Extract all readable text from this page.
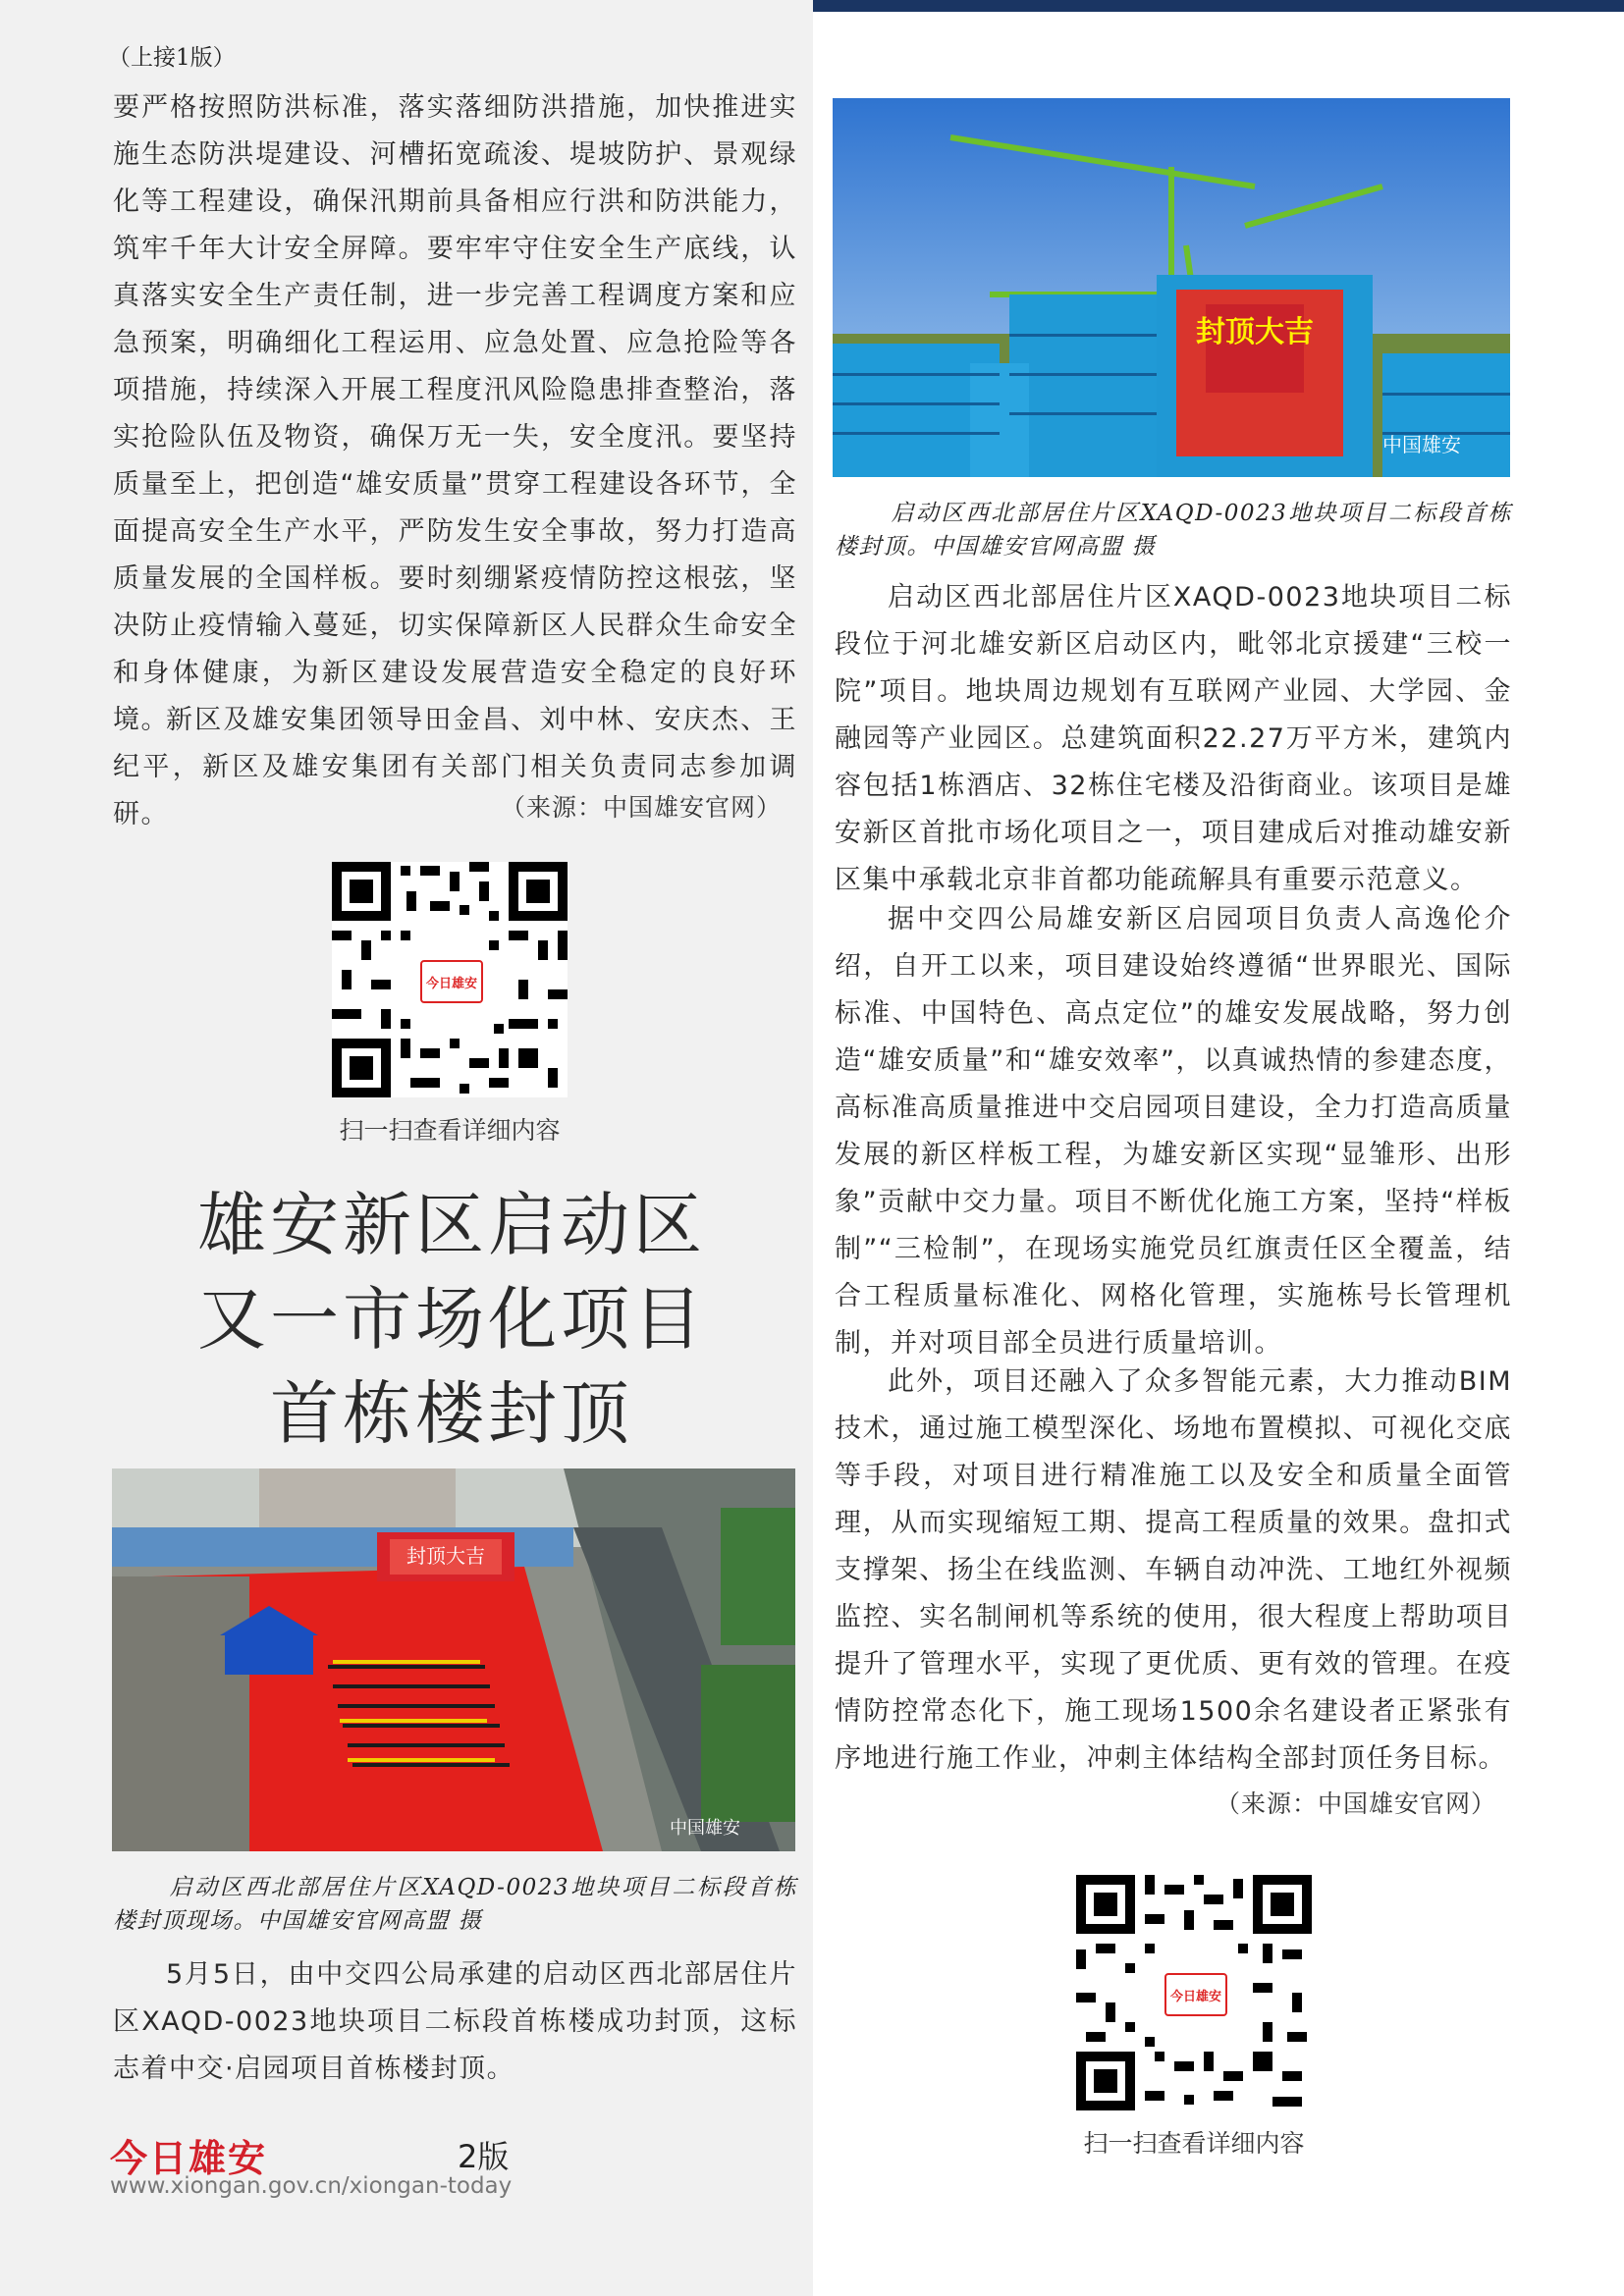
（上接1版）

要严格按照防洪标准，落实落细防洪措施，加快推进实施生态防洪堤建设、河槽拓宽疏浚、堤坡防护、景观绿化等工程建设，确保汛期前具备相应行洪和防洪能力，筑牢千年大计安全屏障。要牢牢守住安全生产底线，认真落实安全生产责任制，进一步完善工程调度方案和应急预案，明确细化工程运用、应急处置、应急抢险等各项措施，持续深入开展工程度汛风险隐患排查整治，落实抢险队伍及物资，确保万无一失，安全度汛。要坚持质量至上，把创造“雄安质量”贯穿工程建设各环节，全面提高安全生产水平，严防发生安全事故，努力打造高质量发展的全国样板。要时刻绷紧疫情防控这根弦，坚决防止疫情输入蔓延，切实保障新区人民群众生命安全和身体健康，为新区建设发展营造安全稳定的良好环境。

新区及雄安集团领导田金昌、刘中林、安庆杰、王纪平，新区及雄安集团有关部门相关负责同志参加调研。	（来源：中国雄安官网）
今日雄安
扫一扫查看详细内容
雄安新区启动区
又一市场化项目
首栋楼封顶
封顶大吉
中国雄安

启动区西北部居住片区XAQD-0023地块项目二标段首栋楼封顶现场。中国雄安官网高盟 摄

5月5日，由中交四公局承建的启动区西北部居住片区XAQD-0023地块项目二标段首栋楼成功封顶，这标志着中交·启园项目首栋楼封顶。

今日雄安	2版
www.xiongan.gov.cn/xiongan-today
封顶大吉
中国雄安

启动区西北部居住片区XAQD-0023地块项目二标段首栋楼封顶。中国雄安官网高盟 摄

启动区西北部居住片区XAQD-0023地块项目二标段位于河北雄安新区启动区内，毗邻北京援建“三校一院”项目。地块周边规划有互联网产业园、大学园、金融园等产业园区。总建筑面积22.27万平方米，建筑内容包括1栋酒店、32栋住宅楼及沿街商业。该项目是雄安新区首批市场化项目之一，项目建成后对推动雄安新区集中承载北京非首都功能疏解具有重要示范意义。

据中交四公局雄安新区启园项目负责人高逸伦介绍，自开工以来，项目建设始终遵循“世界眼光、国际标准、中国特色、高点定位”的雄安发展战略，努力创造“雄安质量”和“雄安效率”，以真诚热情的参建态度，高标准高质量推进中交启园项目建设，全力打造高质量发展的新区样板工程，为雄安新区实现“显雏形、出形象”贡献中交力量。项目不断优化施工方案，坚持“样板制”“三检制”，在现场实施党员红旗责任区全覆盖，结合工程质量标准化、网格化管理，实施栋号长管理机制，并对项目部全员进行质量培训。

此外，项目还融入了众多智能元素，大力推动BIM技术，通过施工模型深化、场地布置模拟、可视化交底等手段，对项目进行精准施工以及安全和质量全面管理，从而实现缩短工期、提高工程质量的效果。盘扣式支撑架、扬尘在线监测、车辆自动冲洗、工地红外视频监控、实名制闸机等系统的使用，很大程度上帮助项目提升了管理水平，实现了更优质、更有效的管理。在疫情防控常态化下，施工现场1500余名建设者正紧张有序地进行施工作业，冲刺主体结构全部封顶任务目标。

（来源：中国雄安官网）
今日雄安
扫一扫查看详细内容
